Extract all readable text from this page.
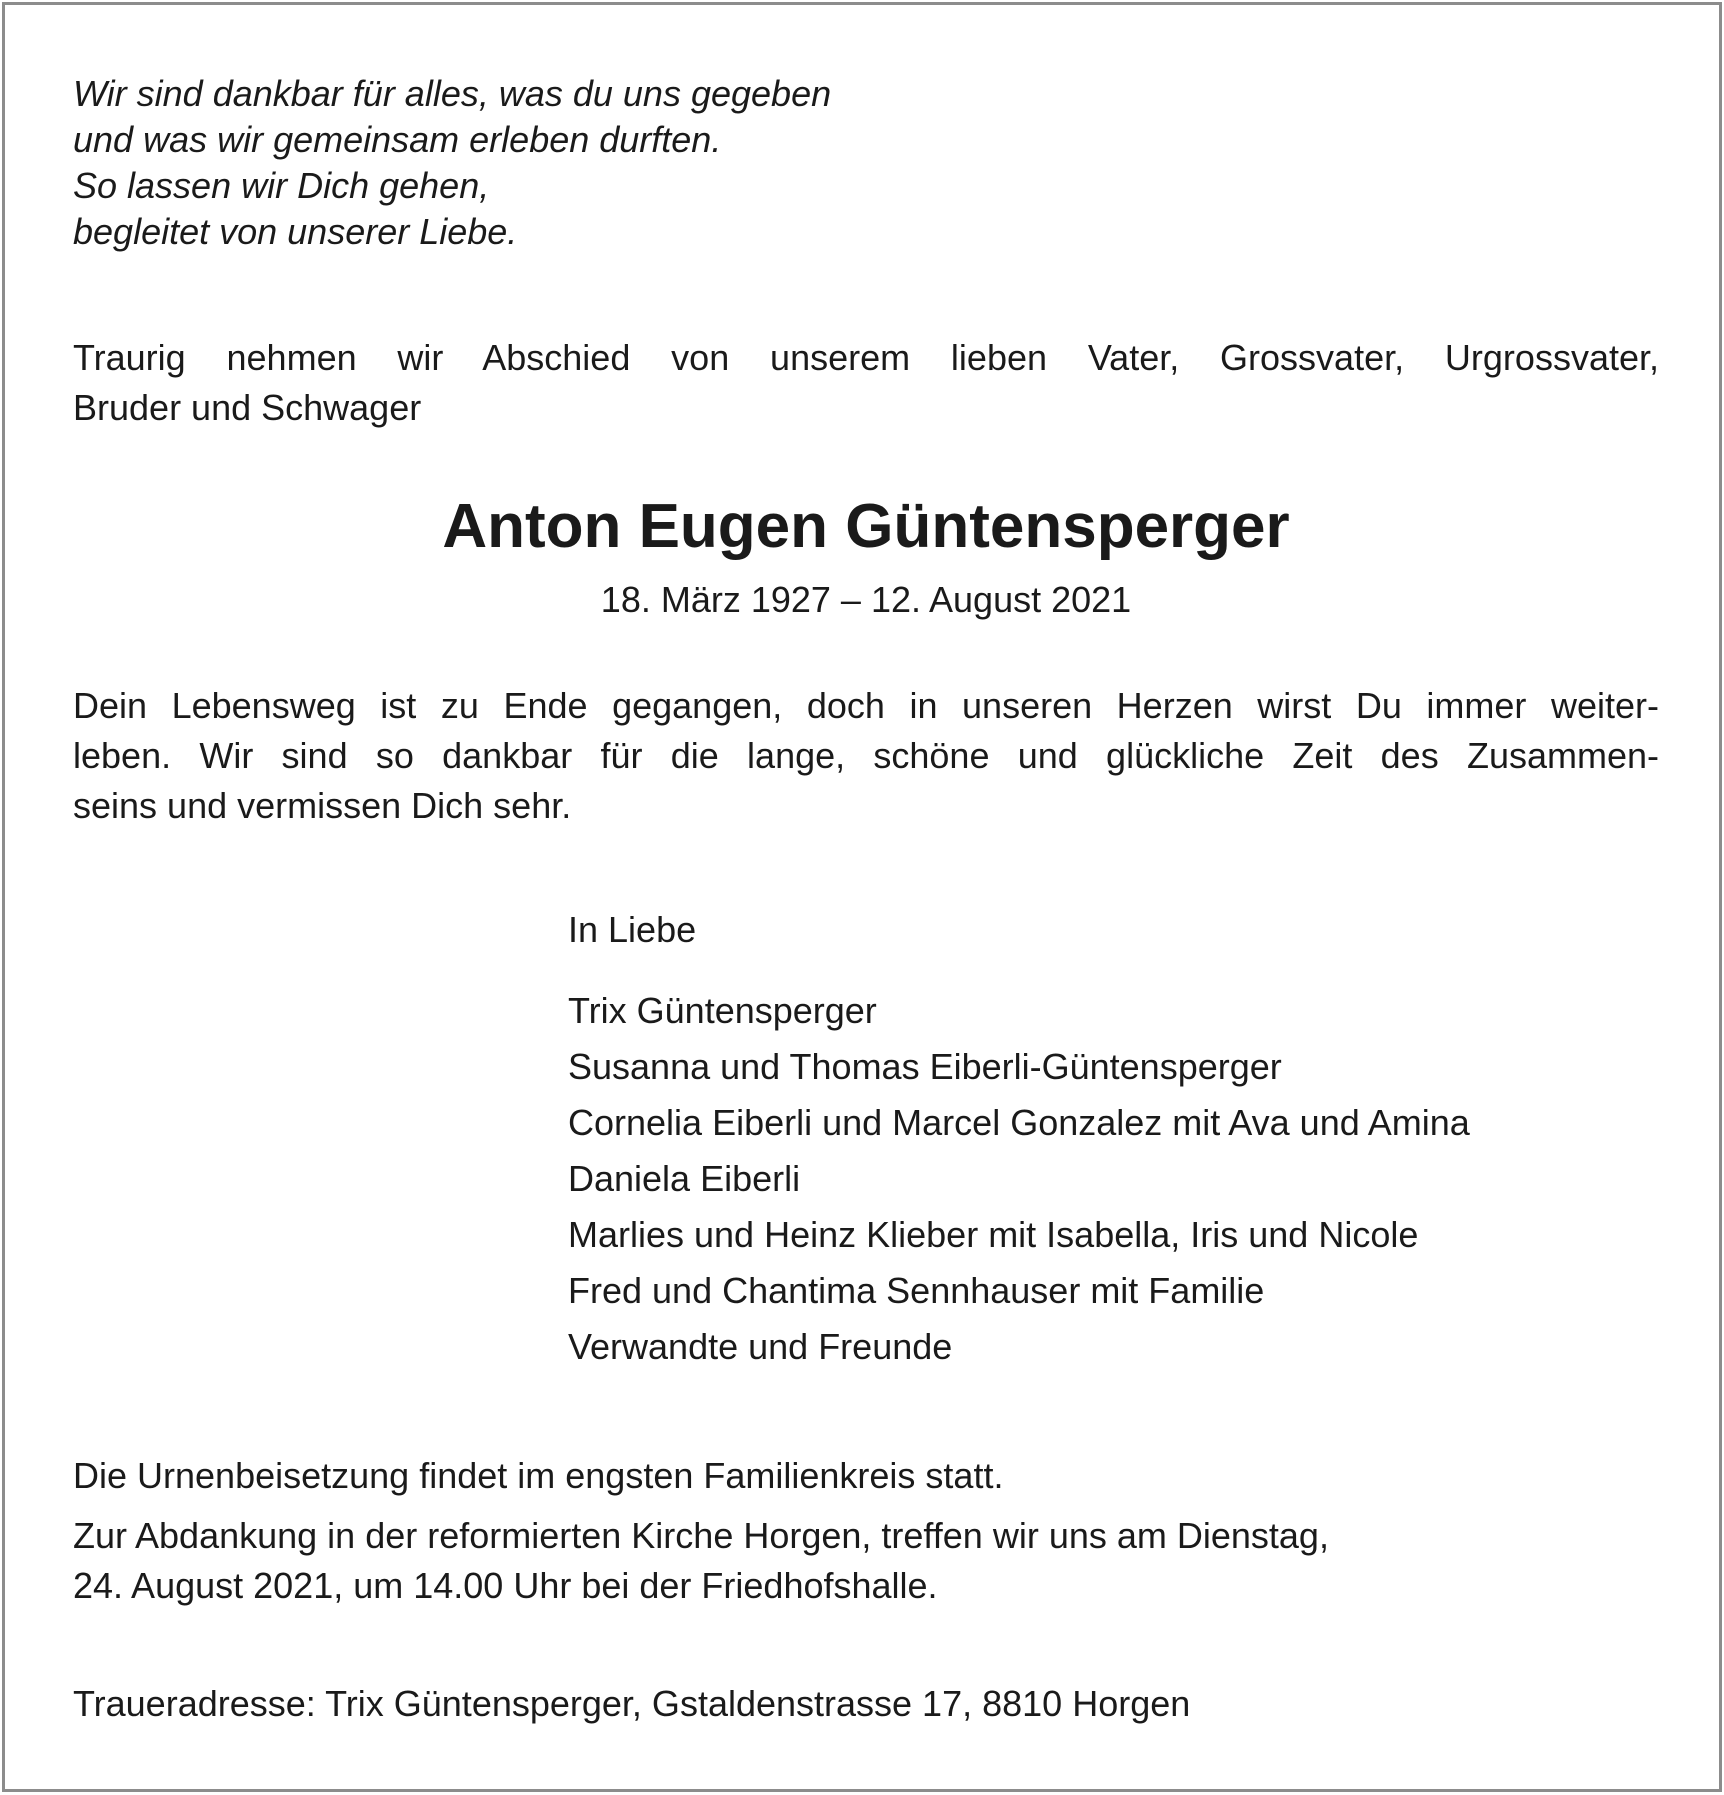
Wir sind dankbar für alles, was du uns gegeben
und was wir gemeinsam erleben durften.
So lassen wir Dich gehen,
begleitet von unserer Liebe.
Traurig nehmen wir Abschied von unserem lieben Vater, Grossvater, Urgrossvater,
Bruder und Schwager
Anton Eugen Güntensperger
18. März 1927 – 12. August 2021
Dein Lebensweg ist zu Ende gegangen, doch in unseren Herzen wirst Du immer weiter-
leben. Wir sind so dankbar für die lange, schöne und glückliche Zeit des Zusammen-
seins und vermissen Dich sehr.
In Liebe
Trix Güntensperger
Susanna und Thomas Eiberli-Güntensperger
Cornelia Eiberli und Marcel Gonzalez mit Ava und Amina
Daniela Eiberli
Marlies und Heinz Klieber mit Isabella, Iris und Nicole
Fred und Chantima Sennhauser mit Familie
Verwandte und Freunde
Die Urnenbeisetzung findet im engsten Familienkreis statt.
Zur Abdankung in der reformierten Kirche Horgen, treffen wir uns am Dienstag,
24. August 2021, um 14.00 Uhr bei der Friedhofshalle.
Traueradresse: Trix Güntensperger, Gstaldenstrasse 17, 8810 Horgen
